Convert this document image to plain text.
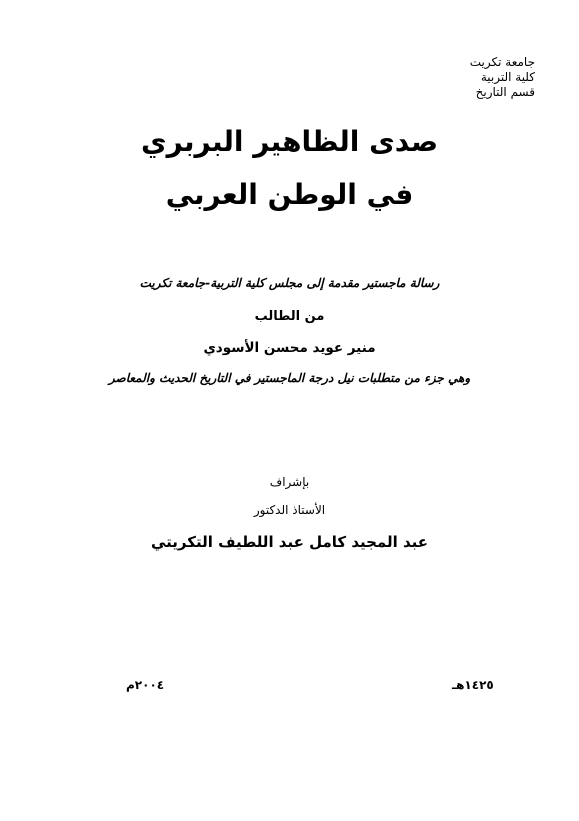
جامعة تكريت
كلية التربية
قسم التاريخ
صدى الظاهير البربري
في الوطن العربي
رسالة ماجستير مقدمة إلى مجلس كلية التربية-جامعة تكريت
من الطالب
منير عويد محسن الأسودي
وهي جزء من متطلبات نيل درجة الماجستير في التاريخ الحديث والمعاصر
بإشراف
الأستاذ الدكتور
عبد المجيد كامل عبد اللطيف التكريتي
١٤٢٥هـ
٢٠٠٤م
